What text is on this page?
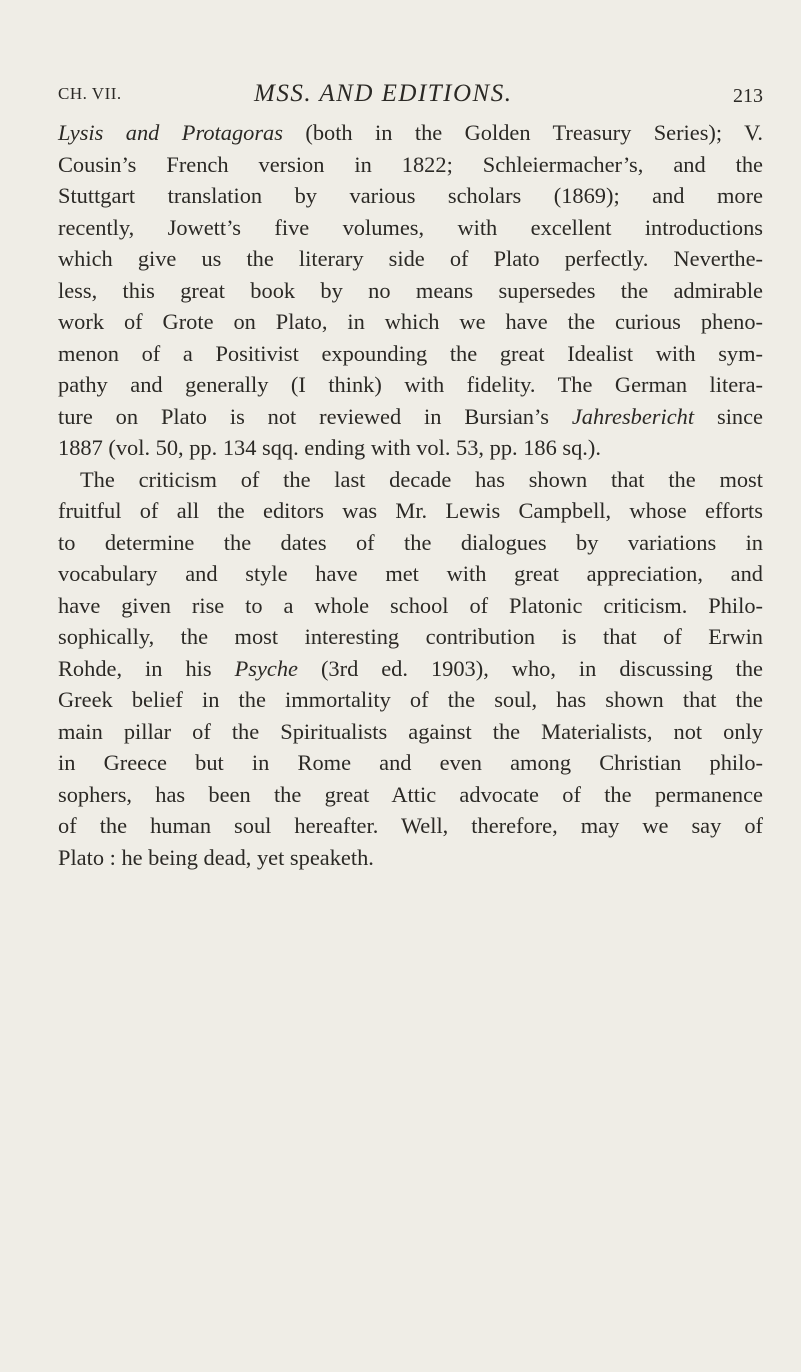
CH. VII.	MSS. AND EDITIONS.	213
Lysis and Protagoras (both in the Golden Treasury Series); V.
Cousin’s French version in 1822; Schleiermacher’s, and the
Stuttgart translation by various scholars (1869); and more
recently, Jowett’s five volumes, with excellent introductions
which give us the literary side of Plato perfectly. Neverthe-
less, this great book by no means supersedes the admirable
work of Grote on Plato, in which we have the curious pheno-
menon of a Positivist expounding the great Idealist with sym-
pathy and generally (I think) with fidelity. The German litera-
ture on Plato is not reviewed in Bursian’s Jahresbericht since
1887 (vol. 50, pp. 134 sqq. ending with vol. 53, pp. 186 sq.).
The criticism of the last decade has shown that the most
fruitful of all the editors was Mr. Lewis Campbell, whose efforts
to determine the dates of the dialogues by variations in
vocabulary and style have met with great appreciation, and
have given rise to a whole school of Platonic criticism. Philo-
sophically, the most interesting contribution is that of Erwin
Rohde, in his Psyche (3rd ed. 1903), who, in discussing the
Greek belief in the immortality of the soul, has shown that the
main pillar of the Spiritualists against the Materialists, not only
in Greece but in Rome and even among Christian philo-
sophers, has been the great Attic advocate of the permanence
of the human soul hereafter. Well, therefore, may we say of
Plato : he being dead, yet speaketh.
